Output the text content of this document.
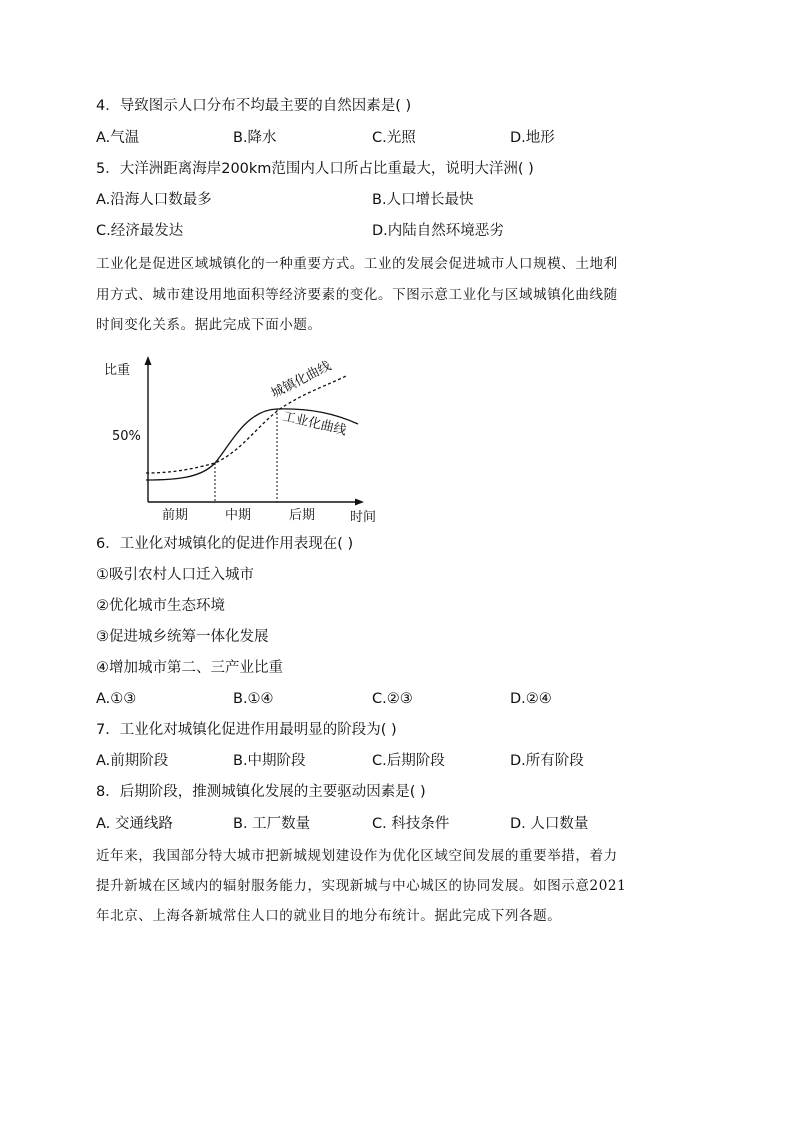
4．导致图示人口分布不均最主要的自然因素是( )
A.气温	B.降水	C.光照	D.地形
5．大洋洲距离海岸200km范围内人口所占比重最大，说明大洋洲( )
A.沿海人口数最多	B.人口增长最快
C.经济最发达	D.内陆自然环境恶劣
工业化是促进区域城镇化的一种重要方式。工业的发展会促进城市人口规模、土地利
用方式、城市建设用地面积等经济要素的变化。下图示意工业化与区域城镇化曲线随
时间变化关系。据此完成下面小题。
比重
50%
城镇化曲线
工业化曲线
前期	中期	后期	时间
6．工业化对城镇化的促进作用表现在( )
①吸引农村人口迁入城市
②优化城市生态环境
③促进城乡统筹一体化发展
④增加城市第二、三产业比重
A.①③	B.①④	C.②③	D.②④
7．工业化对城镇化促进作用最明显的阶段为( )
A.前期阶段	B.中期阶段	C.后期阶段	D.所有阶段
8．后期阶段，推测城镇化发展的主要驱动因素是( )
A. 交通线路	B. 工厂数量	C. 科技条件	D. 人口数量
近年来，我国部分特大城市把新城规划建设作为优化区域空间发展的重要举措，着力
提升新城在区域内的辐射服务能力，实现新城与中心城区的协同发展。如图示意2021
年北京、上海各新城常住人口的就业目的地分布统计。据此完成下列各题。
